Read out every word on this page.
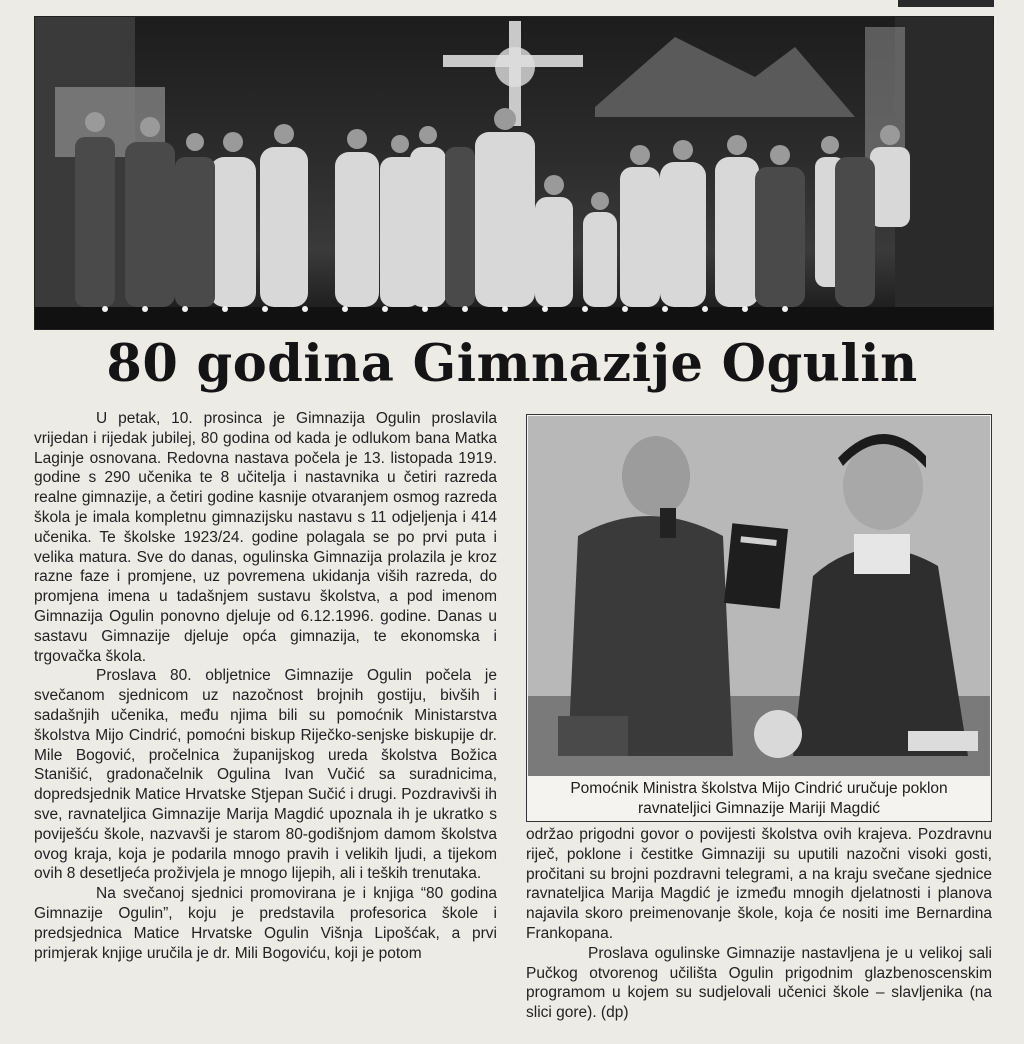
80 godina Gimnazije Ogulin

U petak, 10. prosinca je Gimnazija Ogulin proslavila vrijedan i rijedak jubilej, 80 godina od kada je odlukom bana Matka Laginje osnovana. Redovna nastava počela je 13. listopada 1919. godine s 290 učenika te 8 učitelja i nastavnika u četiri razreda realne gimnazije, a četiri godine kasnije otvaranjem osmog razreda škola je imala kompletnu gimnazijsku nastavu s 11 odjeljenja i 414 učenika. Te školske 1923/24. godine polagala se po prvi puta i velika matura. Sve do danas, ogulinska Gimnazija prolazila je kroz razne faze i promjene, uz povremena ukidanja viših razreda, do promjena imena u tadašnjem sustavu školstva, a pod imenom Gimnazija Ogulin ponovno djeluje od 6.12.1996. godine. Danas u sastavu Gimnazije djeluje opća gimnazija, te ekonomska i trgovačka škola.

Proslava 80. obljetnice Gimnazije Ogulin počela je svečanom sjednicom uz nazočnost brojnih gostiju, bivših i sadašnjih učenika, među njima bili su pomoćnik Ministarstva školstva Mijo Cindrić, pomoćni biskup Riječko-senjske biskupije dr. Mile Bogović, pročelnica županijskog ureda školstva Božica Stanišić, gradonačelnik Ogulina Ivan Vučić sa suradnicima, dopredsjednik Matice Hrvatske Stjepan Sučić i drugi. Pozdravivši ih sve, ravnateljica Gimnazije Marija Magdić upoznala ih je ukratko s poviješću škole, nazvavši je starom 80-godišnjom damom školstva ovog kraja, koja je podarila mnogo pravih i velikih ljudi, a tijekom ovih 8 desetljeća proživjela je mnogo lijepih, ali i teških trenutaka.

Na svečanoj sjednici promovirana je i knjiga “80 godina Gimnazije Ogulin”, koju je predstavila profesorica škole i predsjednica Matice Hrvatske Ogulin Višnja Lipošćak, a prvi primjerak knjige uručila je dr. Mili Bogoviću, koji je potom

Pomoćnik Ministra školstva Mijo Cindrić uručuje poklon
ravnateljici Gimnazije Mariji Magdić

održao prigodni govor o povijesti školstva ovih krajeva. Pozdravnu riječ, poklone i čestitke Gimnaziji su uputili nazočni visoki gosti, pročitani su brojni pozdravni telegrami, a na kraju svečane sjednice ravnateljica Marija Magdić je između mnogih djelatnosti i planova najavila skoro preimenovanje škole, koja će nositi ime Bernardina Frankopana.

Proslava ogulinske Gimnazije nastavljena je u velikoj sali Pučkog otvorenog učilišta Ogulin prigodnim glazbenoscenskim programom u kojem su sudjelovali učenici škole – slavljenika (na slici gore). (dp)
